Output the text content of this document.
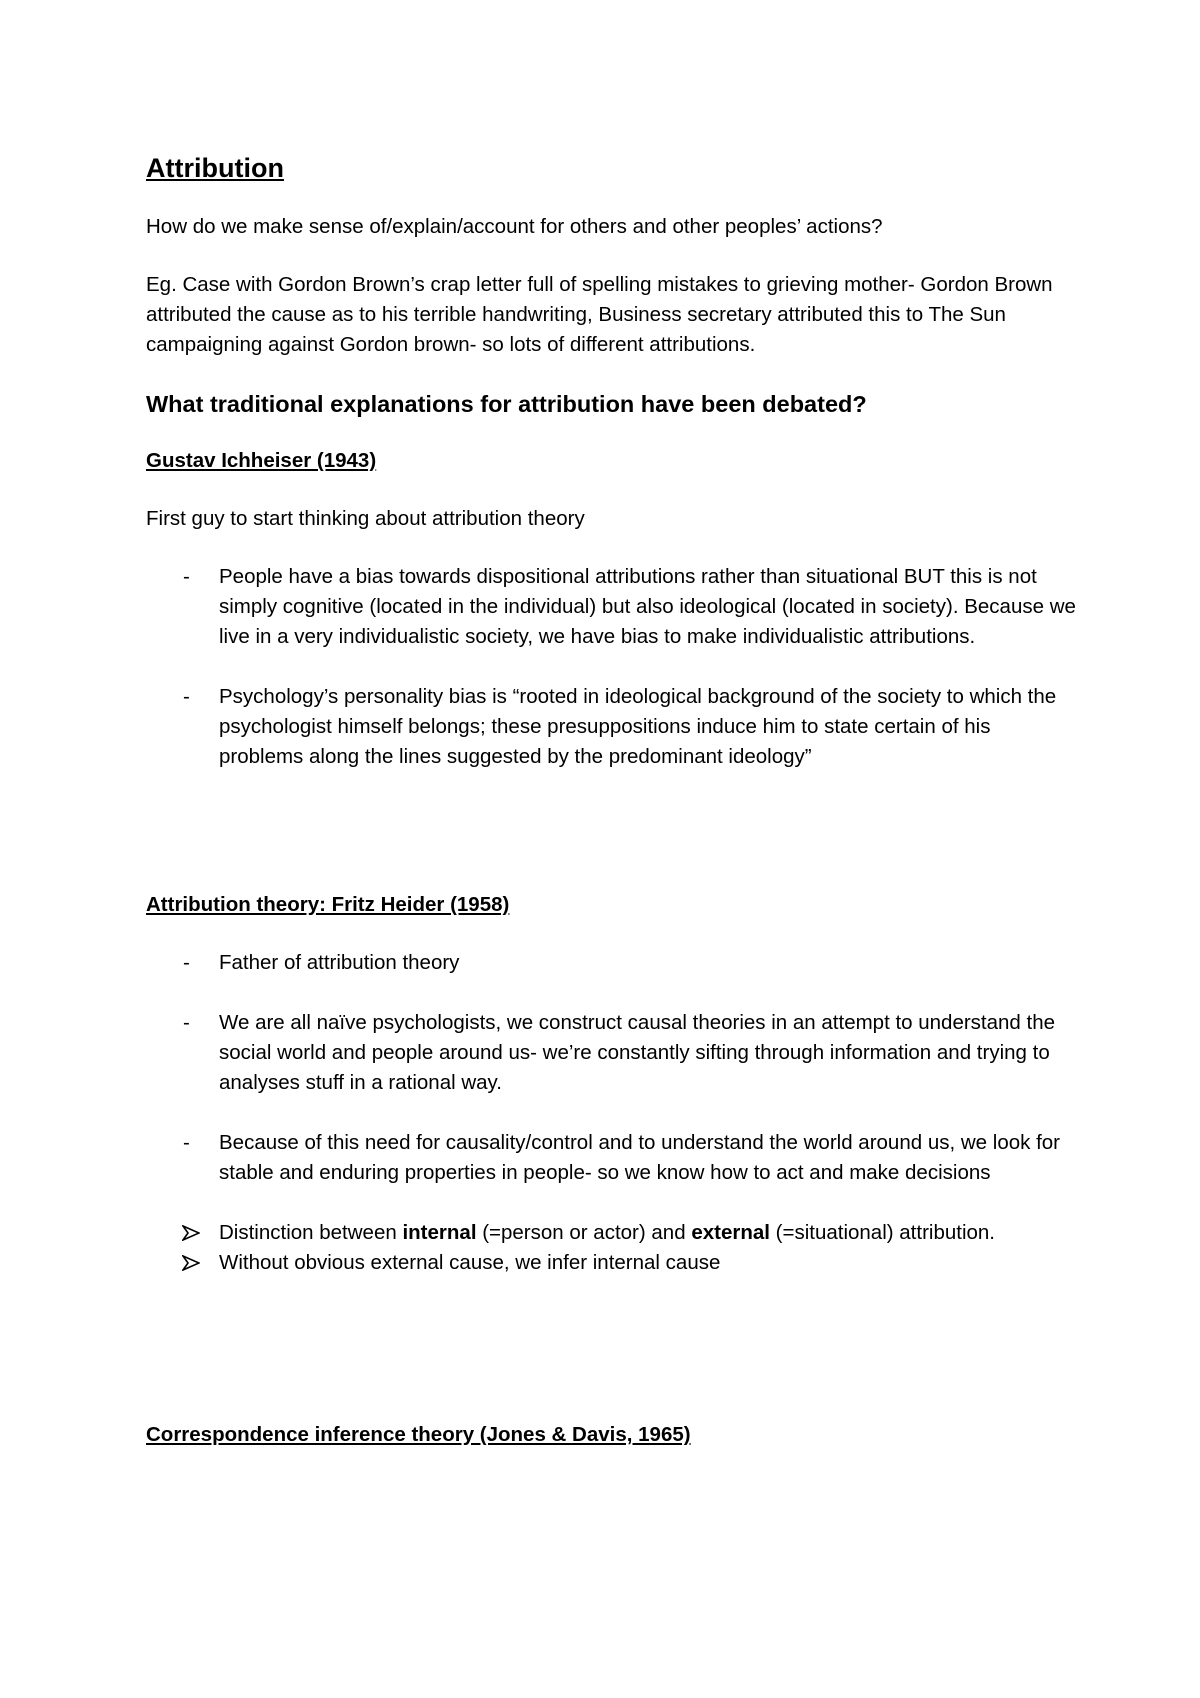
Attribution

How do we make sense of/explain/account for others and other peoples’ actions?

Eg. Case with Gordon Brown’s crap letter full of spelling mistakes to grieving mother- Gordon Brown attributed the cause as to his terrible handwriting, Business secretary attributed this to The Sun campaigning against Gordon brown- so lots of different attributions.

What traditional explanations for attribution have been debated?
Gustav Ichheiser (1943)

First guy to start thinking about attribution theory

- People have a bias towards dispositional attributions rather than situational BUT this is not simply cognitive (located in the individual) but also ideological (located in society). Because we live in a very individualistic society, we have bias to make individualistic attributions.
- Psychology’s personality bias is “rooted in ideological background of the society to which the psychologist himself belongs; these presuppositions induce him to state certain of his problems along the lines suggested by the predominant ideology”
Attribution theory: Fritz Heider (1958)
- Father of attribution theory
- We are all naïve psychologists, we construct causal theories in an attempt to understand the social world and people around us- we’re constantly sifting through information and trying to analyses stuff in a rational way.
- Because of this need for causality/control and to understand the world around us, we look for stable and enduring properties in people- so we know how to act and make decisions
Distinction between internal (=person or actor) and external (=situational) attribution.
Without obvious external cause, we infer internal cause
Correspondence inference theory (Jones & Davis, 1965)
